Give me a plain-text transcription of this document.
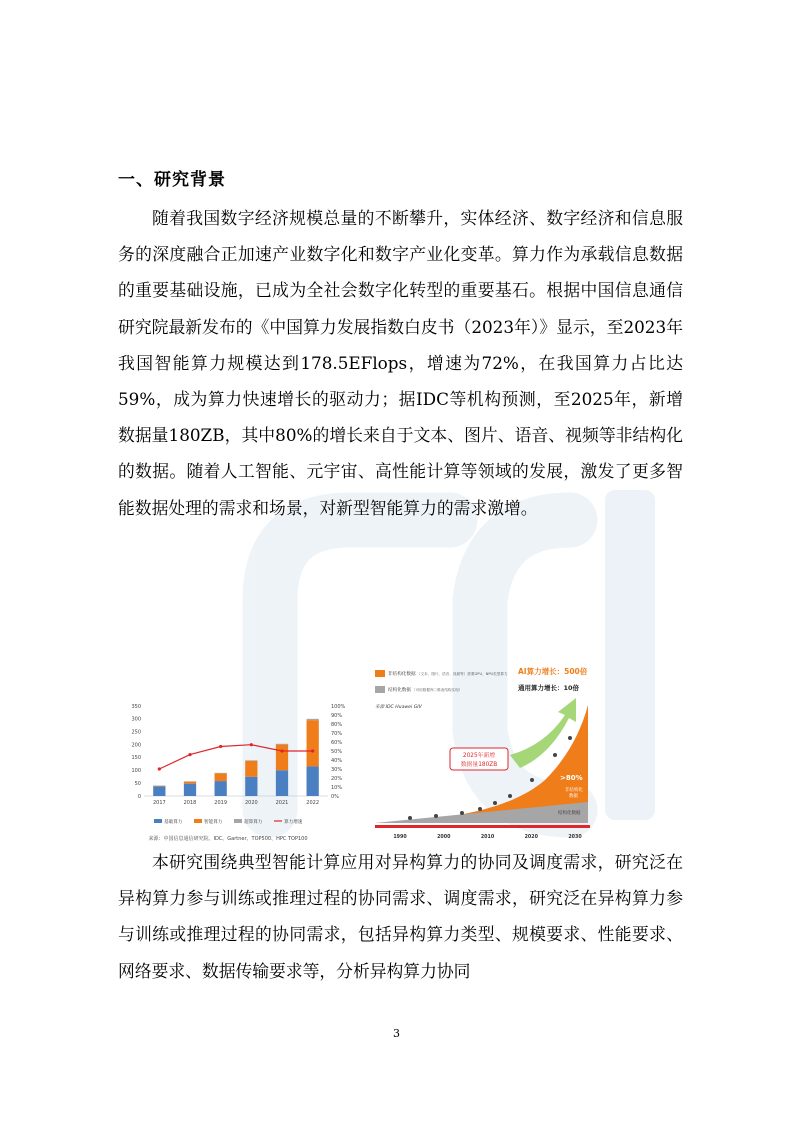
一、研究背景

随着我国数字经济规模总量的不断攀升，实体经济、数字经济和信息服务的深度融合正加速产业数字化和数字产业化变革。算力作为承载信息数据的重要基础设施，已成为全社会数字化转型的重要基石。根据中国信息通信研究院最新发布的《中国算力发展指数白皮书（2023年）》显示，至2023年我国智能算力规模达到178.5EFlops，增速为72%，在我国算力占比达59%，成为算力快速增长的驱动力；据IDC等机构预测，至2025年，新增数据量180ZB，其中80%的增长来自于文本、图片、语音、视频等非结构化的数据。随着人工智能、元宇宙、高性能计算等领域的发展，激发了更多智能数据处理的需求和场景，对新型智能算力的需求激增。

0
50
100
150
200
250
300
350
0%
10%
20%
30%
40%
50%
60%
70%
80%
90%
100%
2017	2018	2019	2020	2021	2022
基础算力	智能算力	超算算力	算力增速
来源：中国信息通信研究院、IDC、Gartner、TOP500、HPC TOP100
非结构化数据 （文本、图片、语音、视频等）需要GPU、NPU类型算力
结构化数据 （可用数据库二维表结构实现）
来源 IDC Huawei GIV
AI算力增长：500倍
通用算力增长：10倍
2025年新增
数据量180ZB
>80%
非结构化
数据
结构化数据
1990	2000	2010	2020	2030

本研究围绕典型智能计算应用对异构算力的协同及调度需求，研究泛在异构算力参与训练或推理过程的协同需求、调度需求，研究泛在异构算力参与训练或推理过程的协同需求，包括异构算力类型、规模要求、性能要求、网络要求、数据传输要求等，分析异构算力协同

3
